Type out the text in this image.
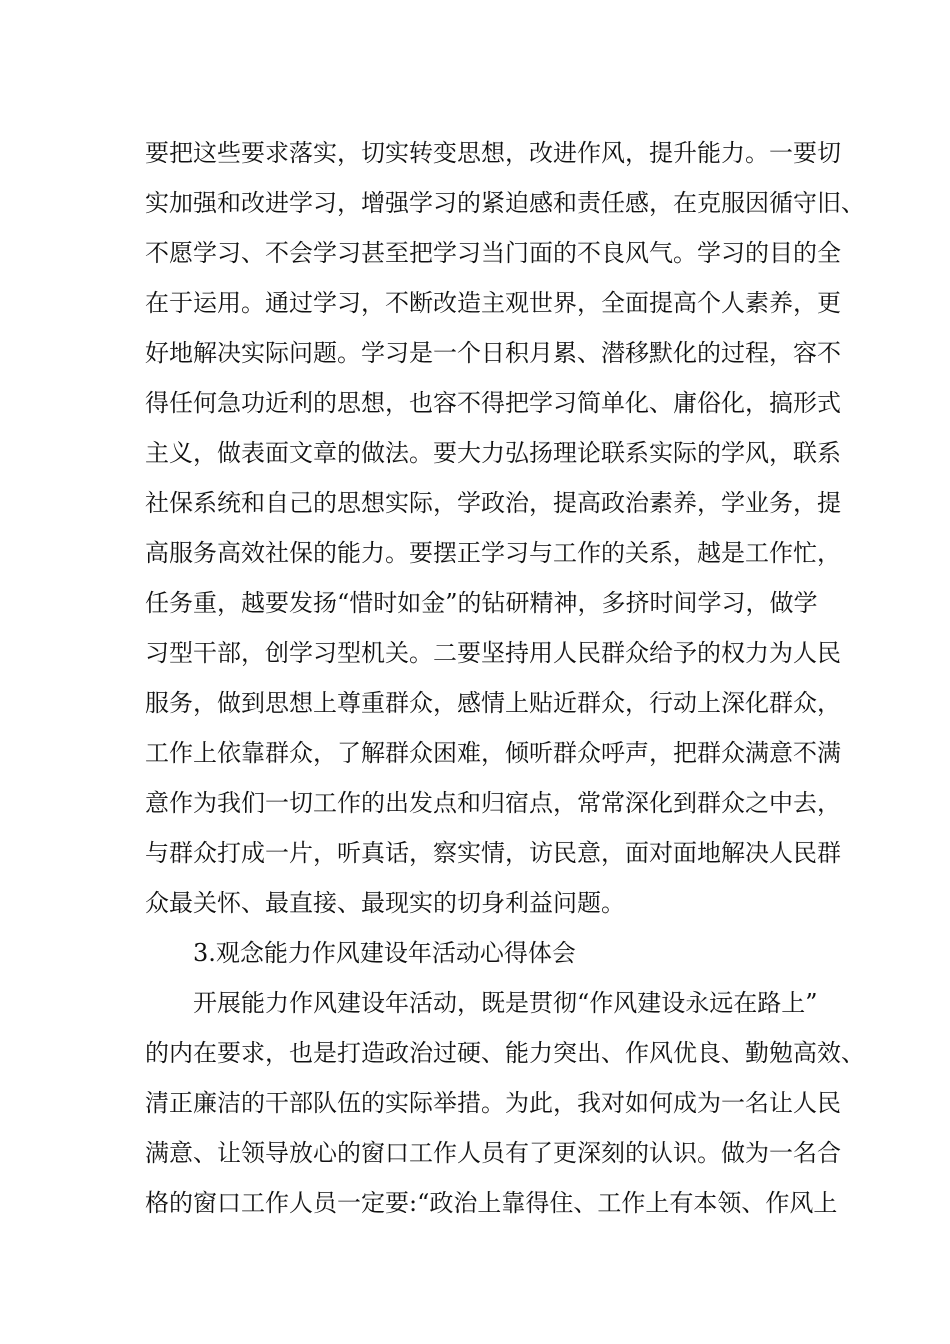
要把这些要求落实，切实转变思想，改进作风，提升能力。一要切
实加强和改进学习，增强学习的紧迫感和责任感，在克服因循守旧、
不愿学习、不会学习甚至把学习当门面的不良风气。学习的目的全
在于运用。通过学习，不断改造主观世界，全面提高个人素养，更
好地解决实际问题。学习是一个日积月累、潜移默化的过程，容不
得任何急功近利的思想，也容不得把学习简单化、庸俗化，搞形式
主义，做表面文章的做法。要大力弘扬理论联系实际的学风，联系
社保系统和自己的思想实际，学政治，提高政治素养，学业务，提
高服务高效社保的能力。要摆正学习与工作的关系，越是工作忙，
任务重，越要发扬“惜时如金”的钻研精神，多挤时间学习，做学
习型干部，创学习型机关。二要坚持用人民群众给予的权力为人民
服务，做到思想上尊重群众，感情上贴近群众，行动上深化群众，
工作上依靠群众，了解群众困难，倾听群众呼声，把群众满意不满
意作为我们一切工作的出发点和归宿点，常常深化到群众之中去，
与群众打成一片，听真话，察实情，访民意，面对面地解决人民群
众最关怀、最直接、最现实的切身利益问题。
3.观念能力作风建设年活动心得体会
开展能力作风建设年活动，既是贯彻“作风建设永远在路上”
的内在要求，也是打造政治过硬、能力突出、作风优良、勤勉高效、
清正廉洁的干部队伍的实际举措。为此，我对如何成为一名让人民
满意、让领导放心的窗口工作人员有了更深刻的认识。做为一名合
格的窗口工作人员一定要:“政治上靠得住、工作上有本领、作风上
